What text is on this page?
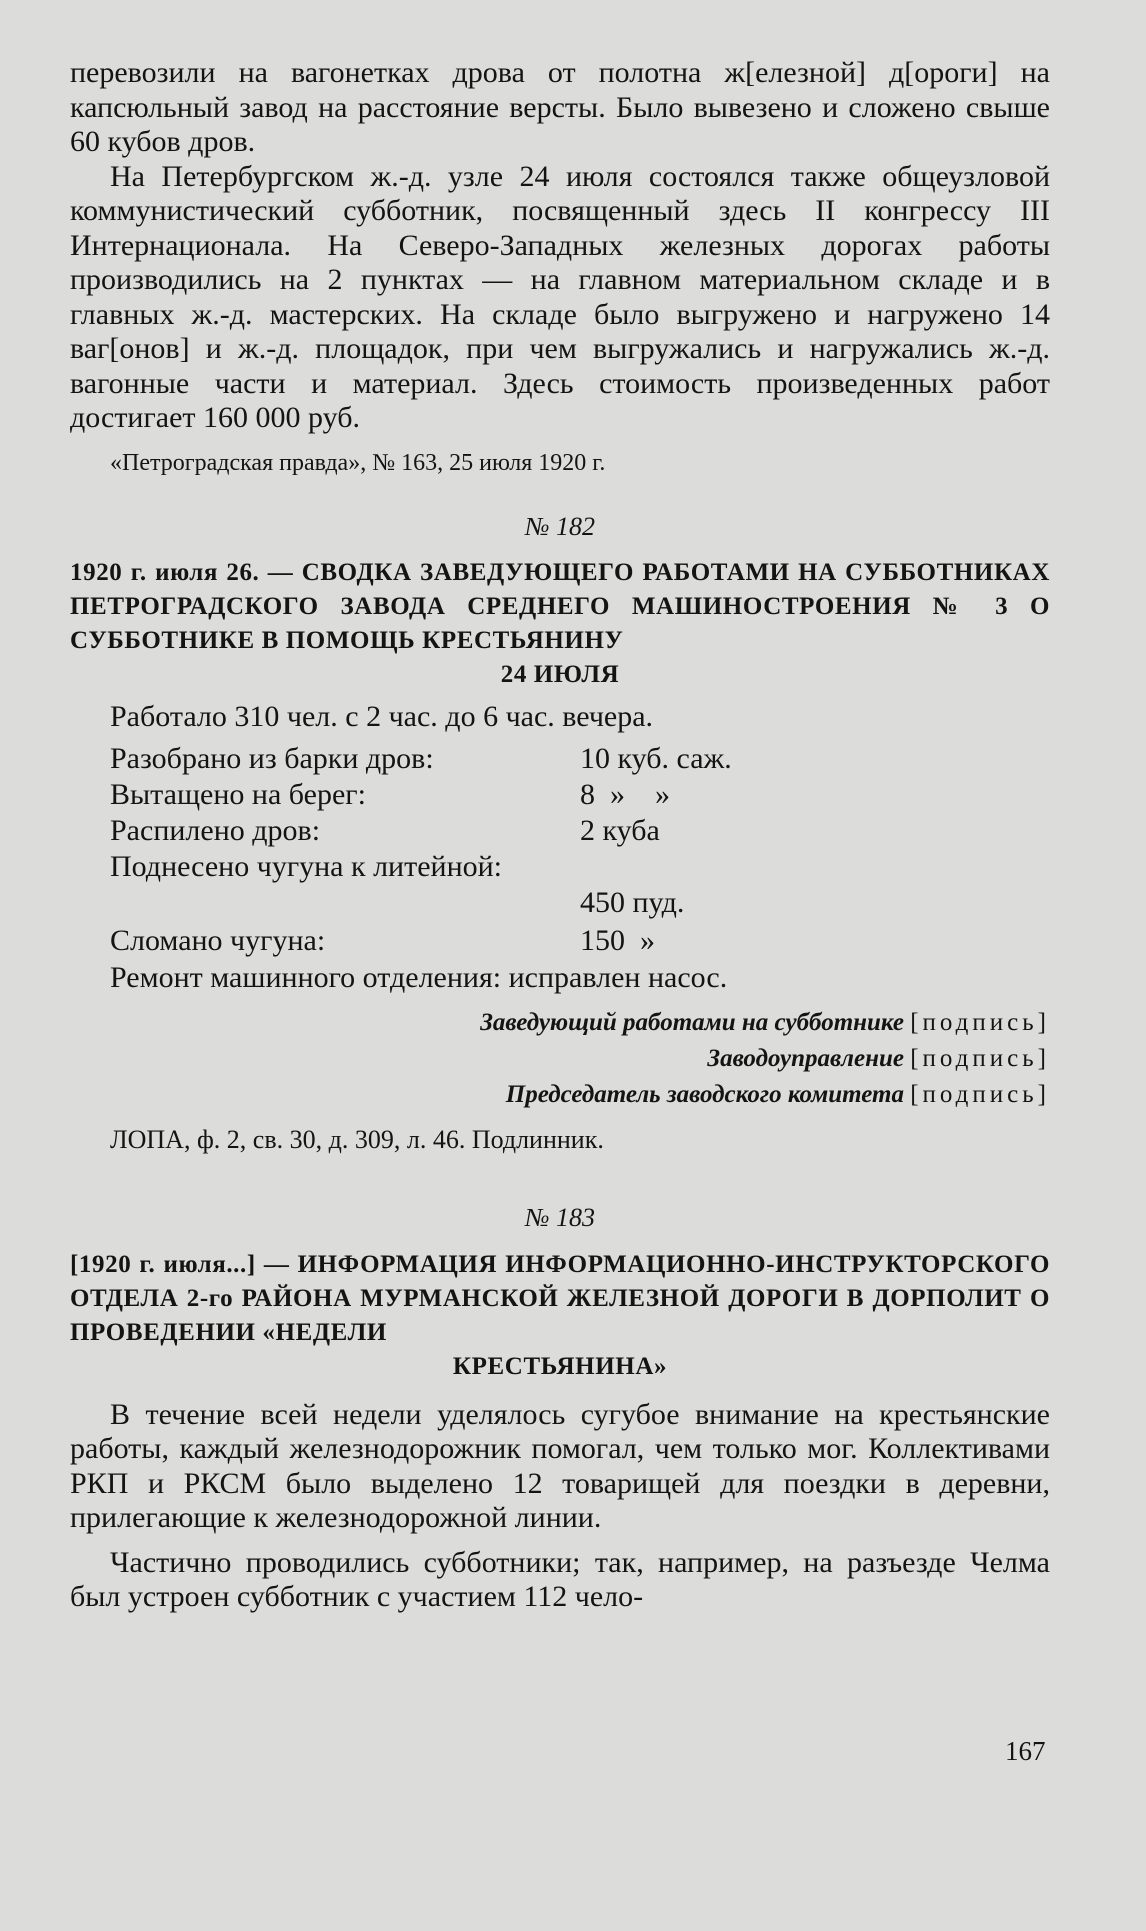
перевозили на вагонетках дрова от полотна ж[елезной] д[ороги] на капсюльный завод на расстояние версты. Было вывезено и сложено свыше 60 кубов дров.

На Петербургском ж.-д. узле 24 июля состоялся также общеузловой коммунистический субботник, посвященный здесь II конгрессу III Интернационала. На Северо-Западных железных дорогах работы производились на 2 пунктах — на главном материальном складе и в главных ж.-д. мастерских. На складе было выгружено и нагружено 14 ваг[онов] и ж.-д. площадок, при чем выгружались и нагружались ж.-д. вагонные части и материал. Здесь стоимость произведенных работ достигает 160 000 руб.

«Петроградская правда», № 163, 25 июля 1920 г.

№ 182
1920 г. июля 26. — СВОДКА ЗАВЕДУЮЩЕГО РАБОТАМИ НА СУББОТНИКАХ ПЕТРОГРАДСКОГО ЗАВОДА СРЕДНЕГО МАШИНОСТРОЕНИЯ № 3 О СУББОТНИКЕ В ПОМОЩЬ КРЕСТЬЯНИНУ
24 ИЮЛЯ

Работало 310 чел. с 2 час. до 6 час. вечера.

Разобрано из барки дров:	10 куб. саж.
Вытащено на берег:	8  »    »
Распилено дров:	2 куба
Поднесено чугуна к литейной:
450 пуд.
Сломано чугуна:	150  »

Ремонт машинного отделения: исправлен насос.

Заведующий работами на субботнике [подпись]
Заводоуправление [подпись]
Председатель заводского комитета [подпись]
ЛОПА, ф. 2, св. 30, д. 309, л. 46. Подлинник.
№ 183
[1920 г. июля...] — ИНФОРМАЦИЯ ИНФОРМАЦИОННО-ИНСТРУКТОРСКОГО ОТДЕЛА 2-го РАЙОНА МУРМАНСКОЙ ЖЕЛЕЗНОЙ ДОРОГИ В ДОРПОЛИТ О ПРОВЕДЕНИИ «НЕДЕЛИ
КРЕСТЬЯНИНА»

В течение всей недели уделялось сугубое внимание на крестьянские работы, каждый железнодорожник помогал, чем только мог. Коллективами РКП и РКСМ было выделено 12 товарищей для поездки в деревни, прилегающие к железнодорожной линии.

Частично проводились субботники; так, например, на разъезде Челма был устроен субботник с участием 112 чело-

167
